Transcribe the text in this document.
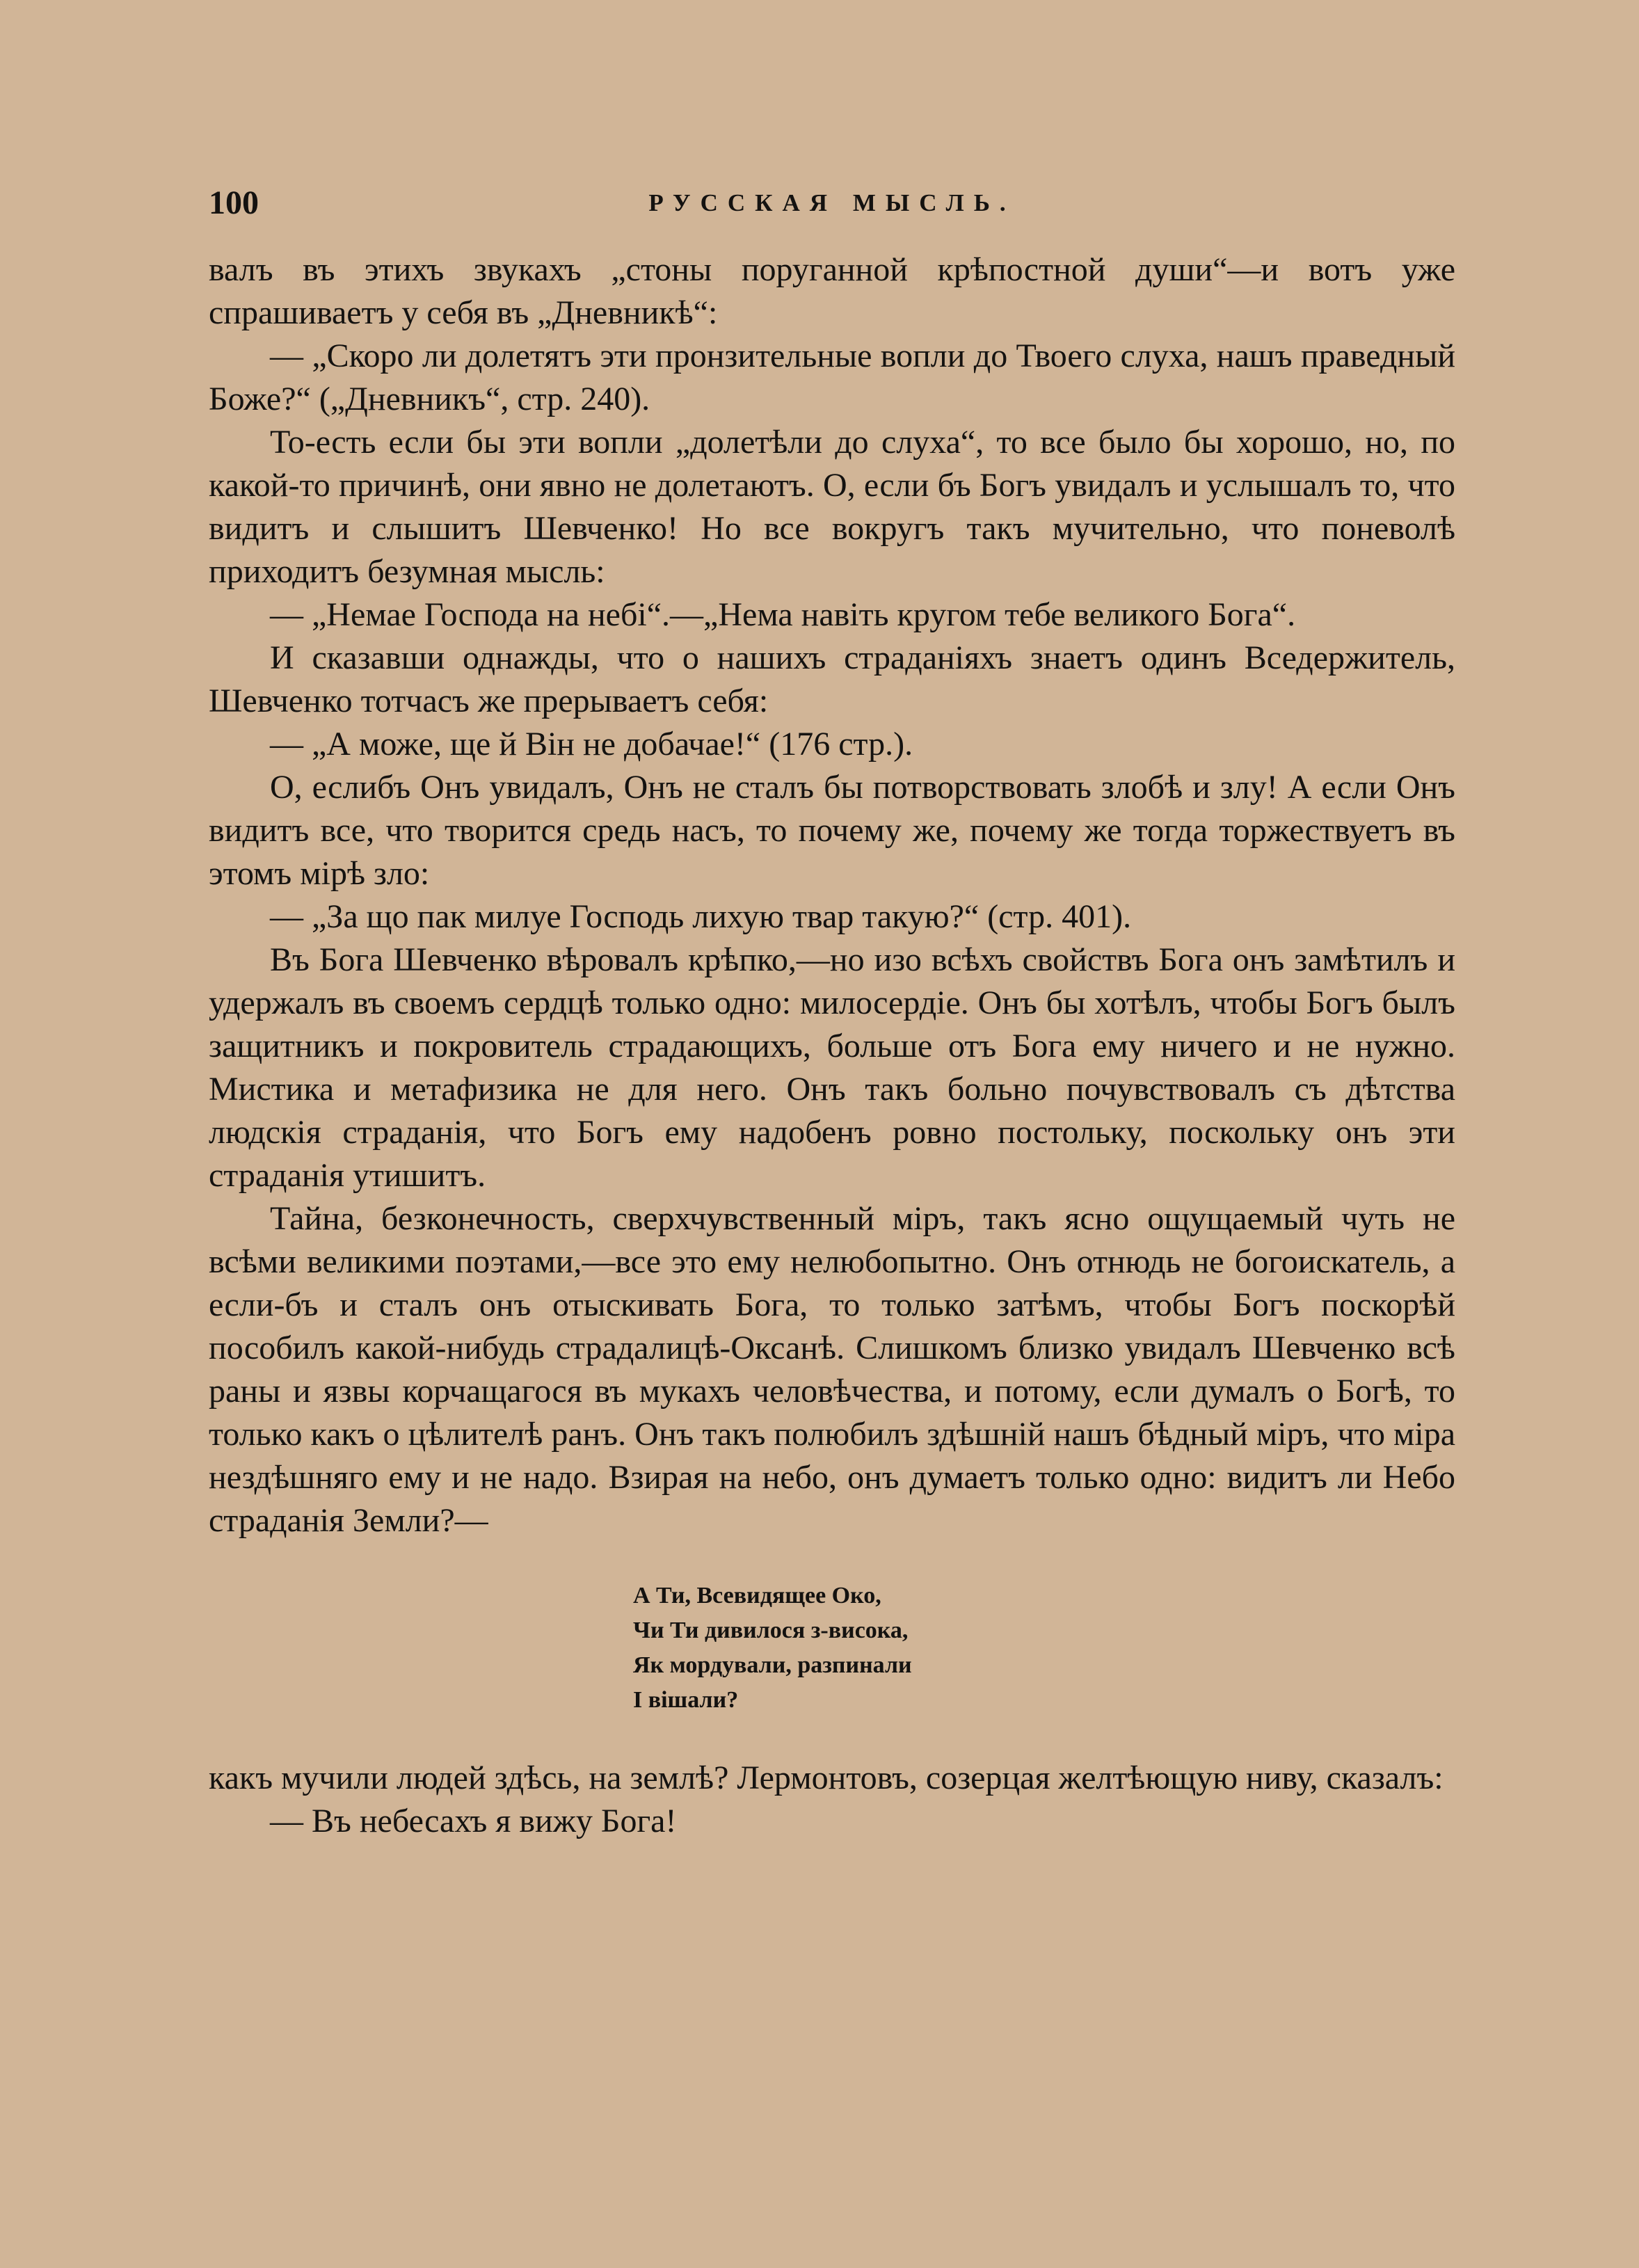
100	РУССКАЯ МЫСЛЬ.

валъ въ этихъ звукахъ „стоны поруганной крѣпостной души“—и вотъ уже спрашиваетъ у себя въ „Дневникѣ“:

— „Скоро ли долетятъ эти пронзительные вопли до Твоего слуха, нашъ праведный Боже?“ („Дневникъ“, стр. 240).

То-есть если бы эти вопли „долетѣли до слуха“, то все было бы хорошо, но, по какой-то причинѣ, они явно не долетаютъ. О, если бъ Богъ увидалъ и услышалъ то, что видитъ и слышитъ Шевченко! Но все вокругъ такъ мучительно, что поневолѣ приходитъ безумная мысль:

— „Немае Господа на небі“.—„Нема навіть кругом тебе великого Бога“.

И сказавши однажды, что о нашихъ страданіяхъ знаетъ одинъ Вседержитель, Шевченко тотчасъ же прерываетъ себя:

— „А може, ще й Він не добачае!“ (176 стр.).

О, еслибъ Онъ увидалъ, Онъ не сталъ бы потворствовать злобѣ и злу! А если Онъ видитъ все, что творится средь насъ, то почему же, почему же тогда торжествуетъ въ этомъ мірѣ зло:

— „За що пак милуе Господь лихую твар такую?“ (стр. 401).

Въ Бога Шевченко вѣровалъ крѣпко,—но изо всѣхъ свойствъ Бога онъ замѣтилъ и удержалъ въ своемъ сердцѣ только одно: милосердіе. Онъ бы хотѣлъ, чтобы Богъ былъ защитникъ и покровитель страдающихъ, больше отъ Бога ему ничего и не нужно. Мистика и метафизика не для него. Онъ такъ больно почувствовалъ съ дѣтства людскія страданія, что Богъ ему надобенъ ровно постольку, поскольку онъ эти страданія утишитъ.

Тайна, безконечность, сверхчувственный міръ, такъ ясно ощущаемый чуть не всѣми великими поэтами,—все это ему нелюбопытно. Онъ отнюдь не богоискатель, а если-бъ и сталъ онъ отыскивать Бога, то только затѣмъ, чтобы Богъ поскорѣй пособилъ какой-нибудь страдалицѣ-Оксанѣ. Слишкомъ близко увидалъ Шевченко всѣ раны и язвы корчащагося въ мукахъ человѣчества, и потому, если думалъ о Богѣ, то только какъ о цѣлителѣ ранъ. Онъ такъ полюбилъ здѣшній нашъ бѣдный міръ, что міра нездѣшняго ему и не надо. Взирая на небо, онъ думаетъ только одно: видитъ ли Небо страданія Земли?—

А Ти, Всевидящее Око,
Чи Ти дивилося з-висока,
Як мордували, разпинали
І вішали?

какъ мучили людей здѣсь, на землѣ? Лермонтовъ, созерцая желтѣющую ниву, сказалъ:

— Въ небесахъ я вижу Бога!
